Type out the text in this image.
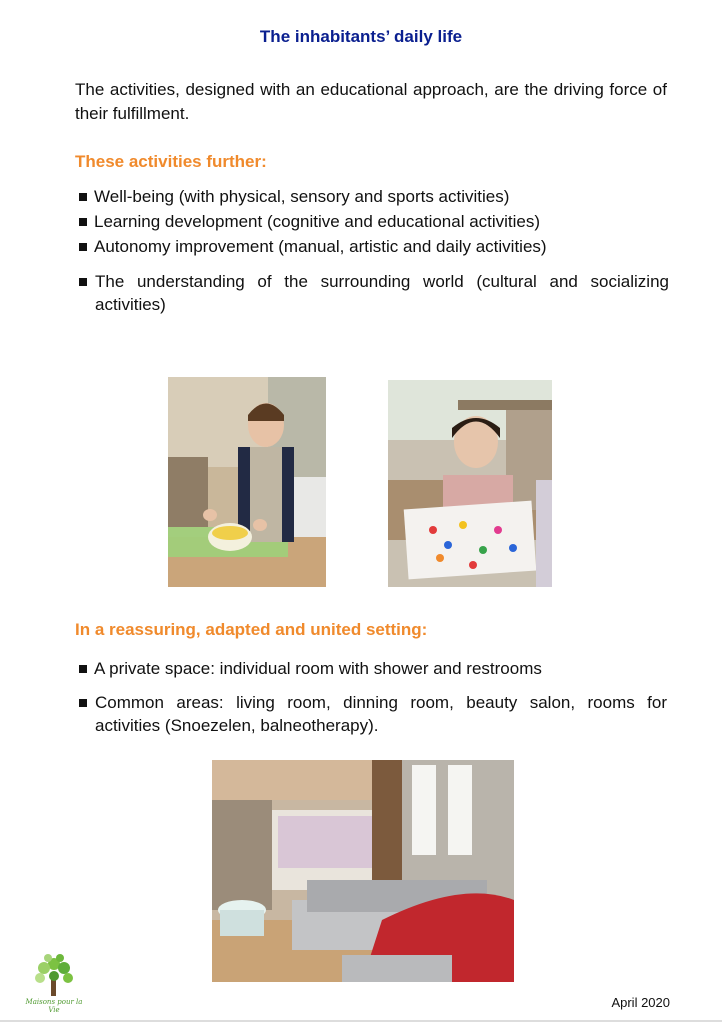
The inhabitants’ daily life
The activities, designed with an educational approach, are the driving force of their fulfillment.
These activities further:
Well-being (with physical, sensory and sports activities)
Learning development (cognitive and educational activities)
Autonomy improvement (manual, artistic and daily activities)
The understanding of the surrounding world (cultural and socializing activities)
In a reassuring, adapted and united setting:
A private space: individual room with shower and restrooms
Common areas: living room, dinning room, beauty salon, rooms for activities (Snoezelen, balneotherapy).
Maisons pour la Vie	April 2020
